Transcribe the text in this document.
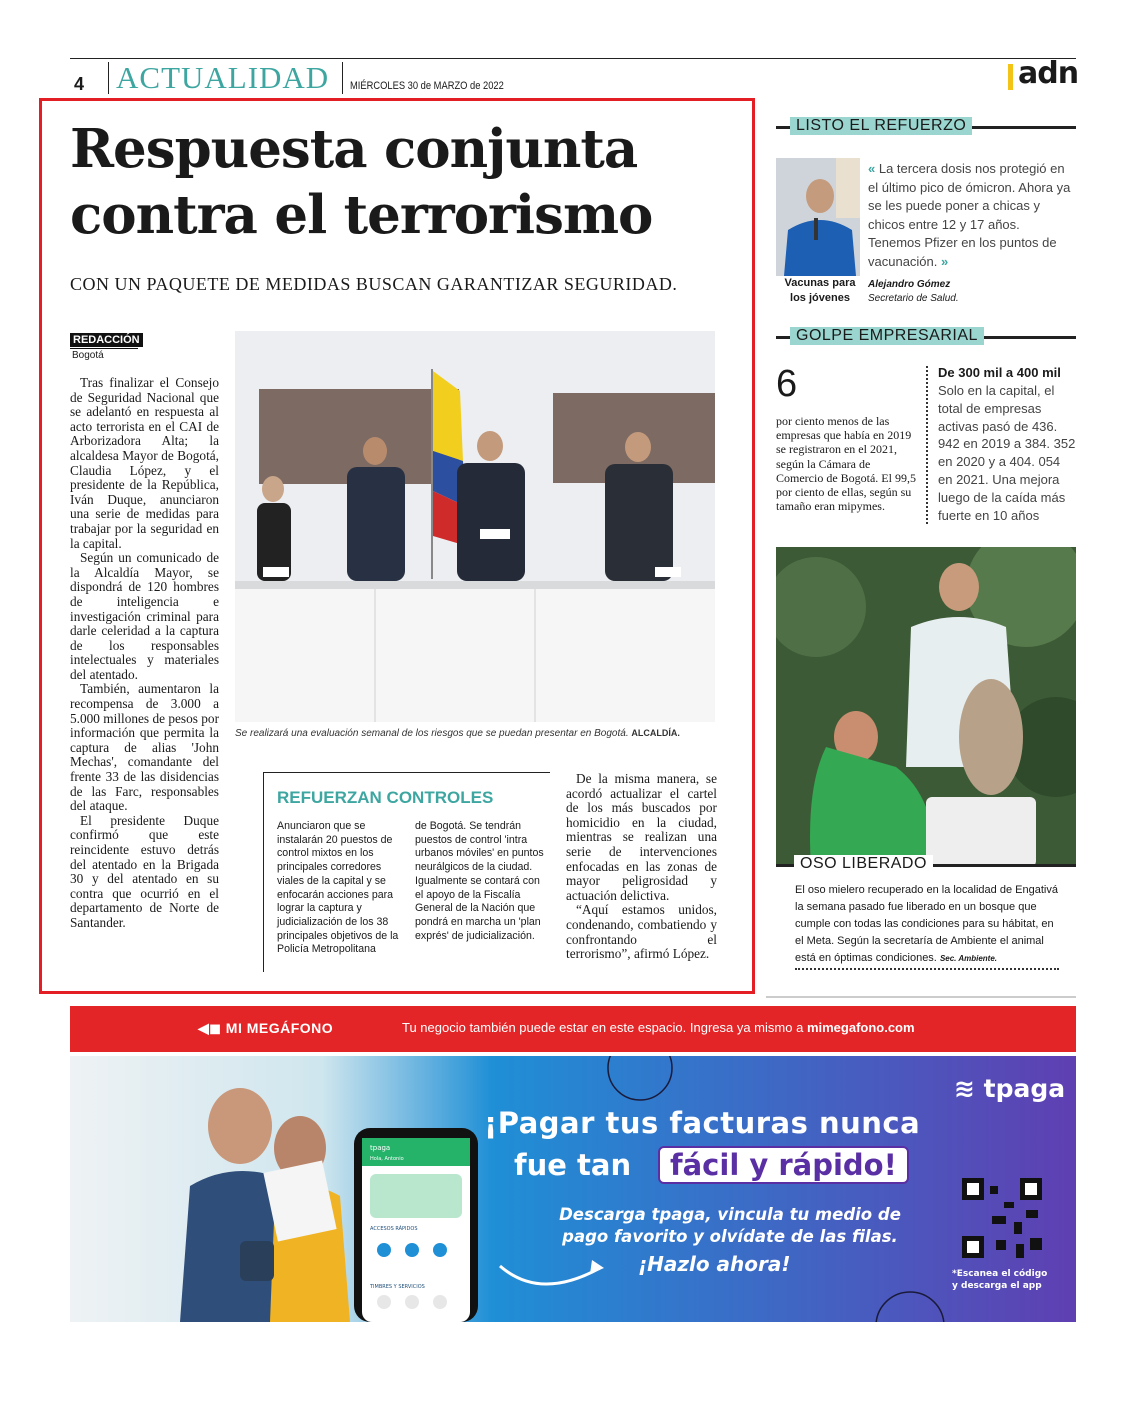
4 ACTUALIDAD MIÉRCOLES 30 de MARZO de 2022	adn
Respuesta conjunta
contra el terrorismo
CON UN PAQUETE DE MEDIDAS BUSCAN GARANTIZAR SEGURIDAD.
REDACCIÓN
Bogotá

Tras finalizar el Consejo de Seguridad Nacional que se adelantó en respuesta al acto terrorista en el CAI de Arborizadora Alta; la alcaldesa Mayor de Bogotá, Claudia López, y el presidente de la República, Iván Duque, anunciaron una serie de medidas para trabajar por la seguridad en la capital.

Según un comunicado de la Alcaldía Mayor, se dispondrá de 120 hombres de inteligencia e investigación criminal para darle celeridad a la captura de los responsables intelectuales y materiales del atentado.

También, aumentaron la recompensa de 3.000 a 5.000 millones de pesos por información que permita la captura de alias 'John Mechas', comandante del frente 33 de las disidencias de las Farc, responsables del ataque.

El presidente Duque confirmó que este reincidente estuvo detrás del atentado en la Brigada 30 y del atentado en su contra que ocurrió en el departamento de Norte de Santander.

Se realizará una evaluación semanal de los riesgos que se puedan presentar en Bogotá. ALCALDÍA.
REFUERZAN CONTROLES
Anunciaron que se instalarán 20 puestos de control mixtos en los principales corredores viales de la capital y se enfocarán acciones para lograr la captura y judicialización de los 38 principales objetivos de la Policía Metropolitana
de Bogotá. Se tendrán puestos de control 'intra urbanos móviles' en puntos neurálgicos de la ciudad. Igualmente se contará con el apoyo de la Fiscalía General de la Nación que pondrá en marcha un 'plan exprés' de judicialización.

De la misma manera, se acordó actualizar el cartel de los más buscados por homicidio en la ciudad, mientras se realizan una serie de intervenciones enfocadas en las zonas de mayor peligrosidad y actuación delictiva.

“Aquí estamos unidos, condenando, combatiendo y confrontando el terrorismo”, afirmó López.

LISTO EL REFUERZO
Vacunas para los jóvenes
« La tercera dosis nos protegió en el último pico de ómicron. Ahora ya se les puede poner a chicas y chicos entre 12 y 17 años. Tenemos Pfizer en los puntos de vacunación. »
Alejandro Gómez
Secretario de Salud.
GOLPE EMPRESARIAL
6
por ciento menos de las empresas que había en 2019 se registraron en el 2021, según la Cámara de Comercio de Bogotá. El 99,5 por ciento de ellas, según su tamaño eran mipymes.
De 300 mil a 400 mil
Solo en la capital, el total de empresas activas pasó de 436. 942 en 2019 a 384. 352 en 2020 y a 404. 054 en 2021. Una mejora luego de la caída más fuerte en 10 años
OSO LIBERADO
El oso mielero recuperado en la localidad de Engativá la semana pasado fue liberado en un bosque que cumple con todas las condiciones para su hábitat, en el Meta. Según la secretaría de Ambiente el animal está en óptimas condiciones. Sec. Ambiente.
◀◼ MI MEGÁFONO	Tu negocio también puede estar en este espacio. Ingresa ya mismo a mimegafono.com
tpaga
Hola, Antonio
ACCESOS RÁPIDOS
TIMBRES Y SERVICIOS
≋ tpaga
¡Pagar tus facturas nunca
fue tan	fácil y rápido!
Descarga tpaga, vincula tu medio de pago favorito y olvídate de las filas.
¡Hazlo ahora!	*Escanea el código y descarga el app
